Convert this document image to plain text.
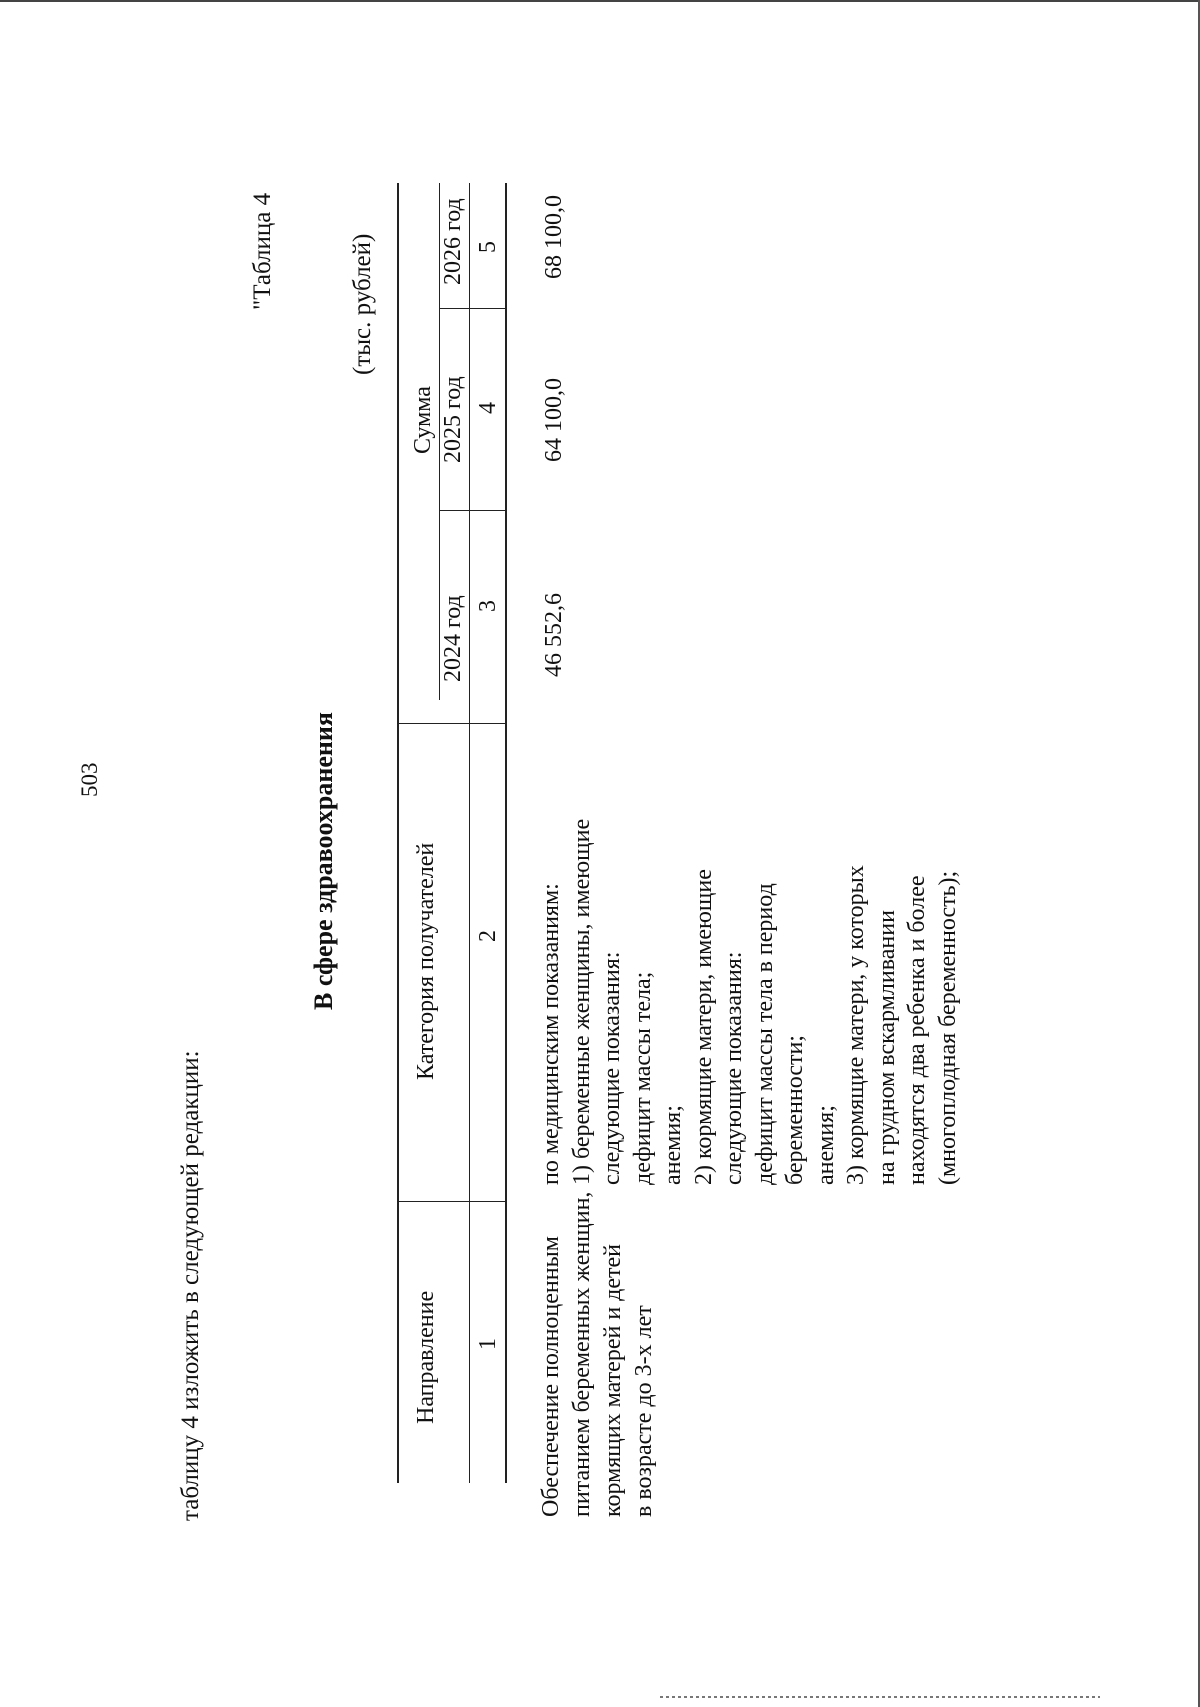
503
таблицу 4 изложить в следующей редакции:
"Таблица 4
В сфере здравоохранения
(тыс. рублей)
Направление
Категория получателей
Сумма
2024 год
2025 год
2026 год
1
2
3
4
5
Обеспечение полноценным питанием беременных женщин, кормящих матерей и детей в возрасте до 3-х лет
по медицинским показаниям: 1) беременные женщины, имеющие следующие показания: дефицит массы тела; анемия; 2) кормящие матери, имеющие следующие показания: дефицит массы тела в период беременности; анемия; 3) кормящие матери, у которых на грудном вскармливании находятся два ребенка и более (многоплодная беременность);
46 552,6
64 100,0
68 100,0
